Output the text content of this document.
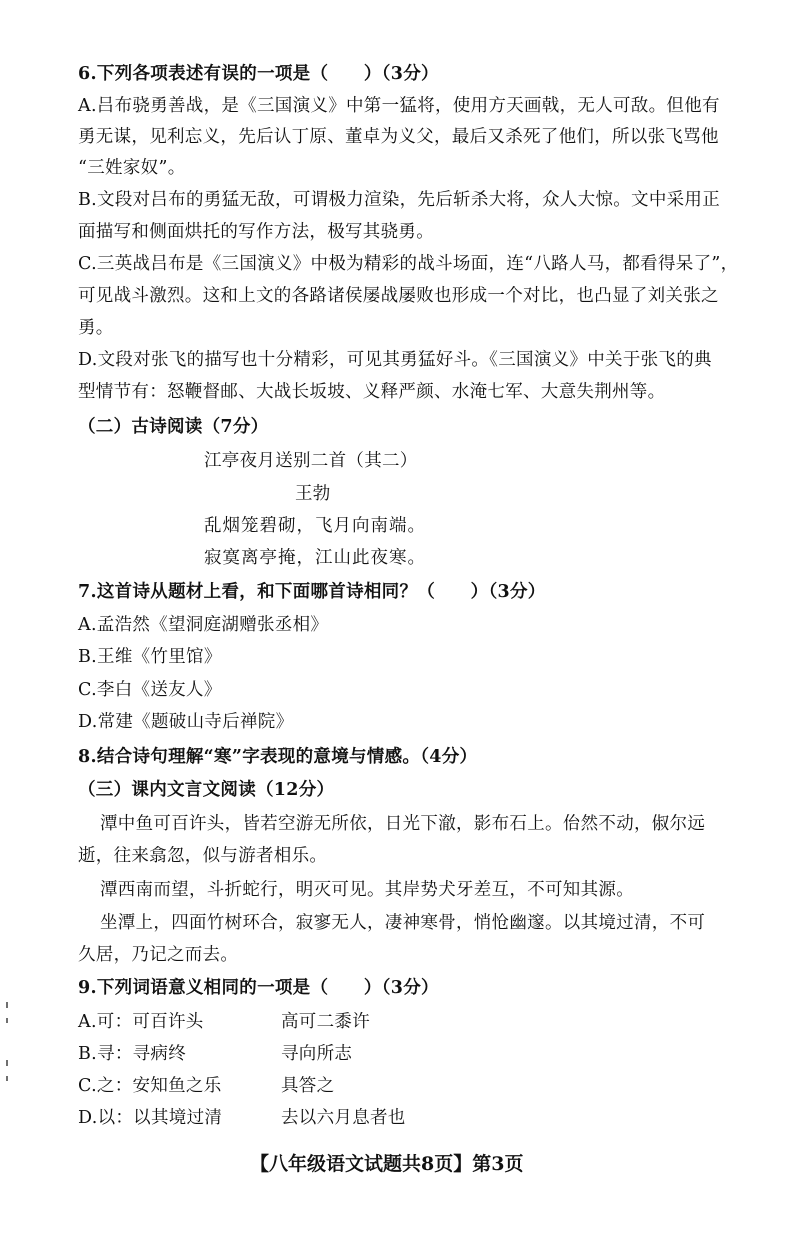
6.下列各项表述有误的一项是（　　）（3分）
A.吕布骁勇善战，是《三国演义》中第一猛将，使用方天画戟，无人可敌。但他有
勇无谋，见利忘义，先后认丁原、董卓为义父，最后又杀死了他们，所以张飞骂他
“三姓家奴”。
B.文段对吕布的勇猛无敌，可谓极力渲染，先后斩杀大将，众人大惊。文中采用正
面描写和侧面烘托的写作方法，极写其骁勇。
C.三英战吕布是《三国演义》中极为精彩的战斗场面，连“八路人马，都看得呆了”，
可见战斗激烈。这和上文的各路诸侯屡战屡败也形成一个对比，也凸显了刘关张之
勇。
D.文段对张飞的描写也十分精彩，可见其勇猛好斗。《三国演义》中关于张飞的典
型情节有：怒鞭督邮、大战长坂坡、义释严颜、水淹七军、大意失荆州等。
（二）古诗阅读（7分）
江亭夜月送别二首（其二）
王勃
乱烟笼碧砌，飞月向南端。
寂寞离亭掩，江山此夜寒。
7.这首诗从题材上看，和下面哪首诗相同？（　　）（3分）
A.孟浩然《望洞庭湖赠张丞相》
B.王维《竹里馆》
C.李白《送友人》
D.常建《题破山寺后禅院》
8.结合诗句理解“寒”字表现的意境与情感。（4分）
（三）课内文言文阅读（12分）
潭中鱼可百许头，皆若空游无所依，日光下澈，影布石上。佁然不动，俶尔远
逝，往来翕忽，似与游者相乐。
潭西南而望，斗折蛇行，明灭可见。其岸势犬牙差互，不可知其源。
坐潭上，四面竹树环合，寂寥无人，凄神寒骨，悄怆幽邃。以其境过清，不可
久居，乃记之而去。
9.下列词语意义相同的一项是（　　）（3分）
A.可：可百许头	高可二黍许
B.寻：寻病终	寻向所志
C.之：安知鱼之乐	具答之
D.以：以其境过清	去以六月息者也
【八年级语文试题共8页】第3页
